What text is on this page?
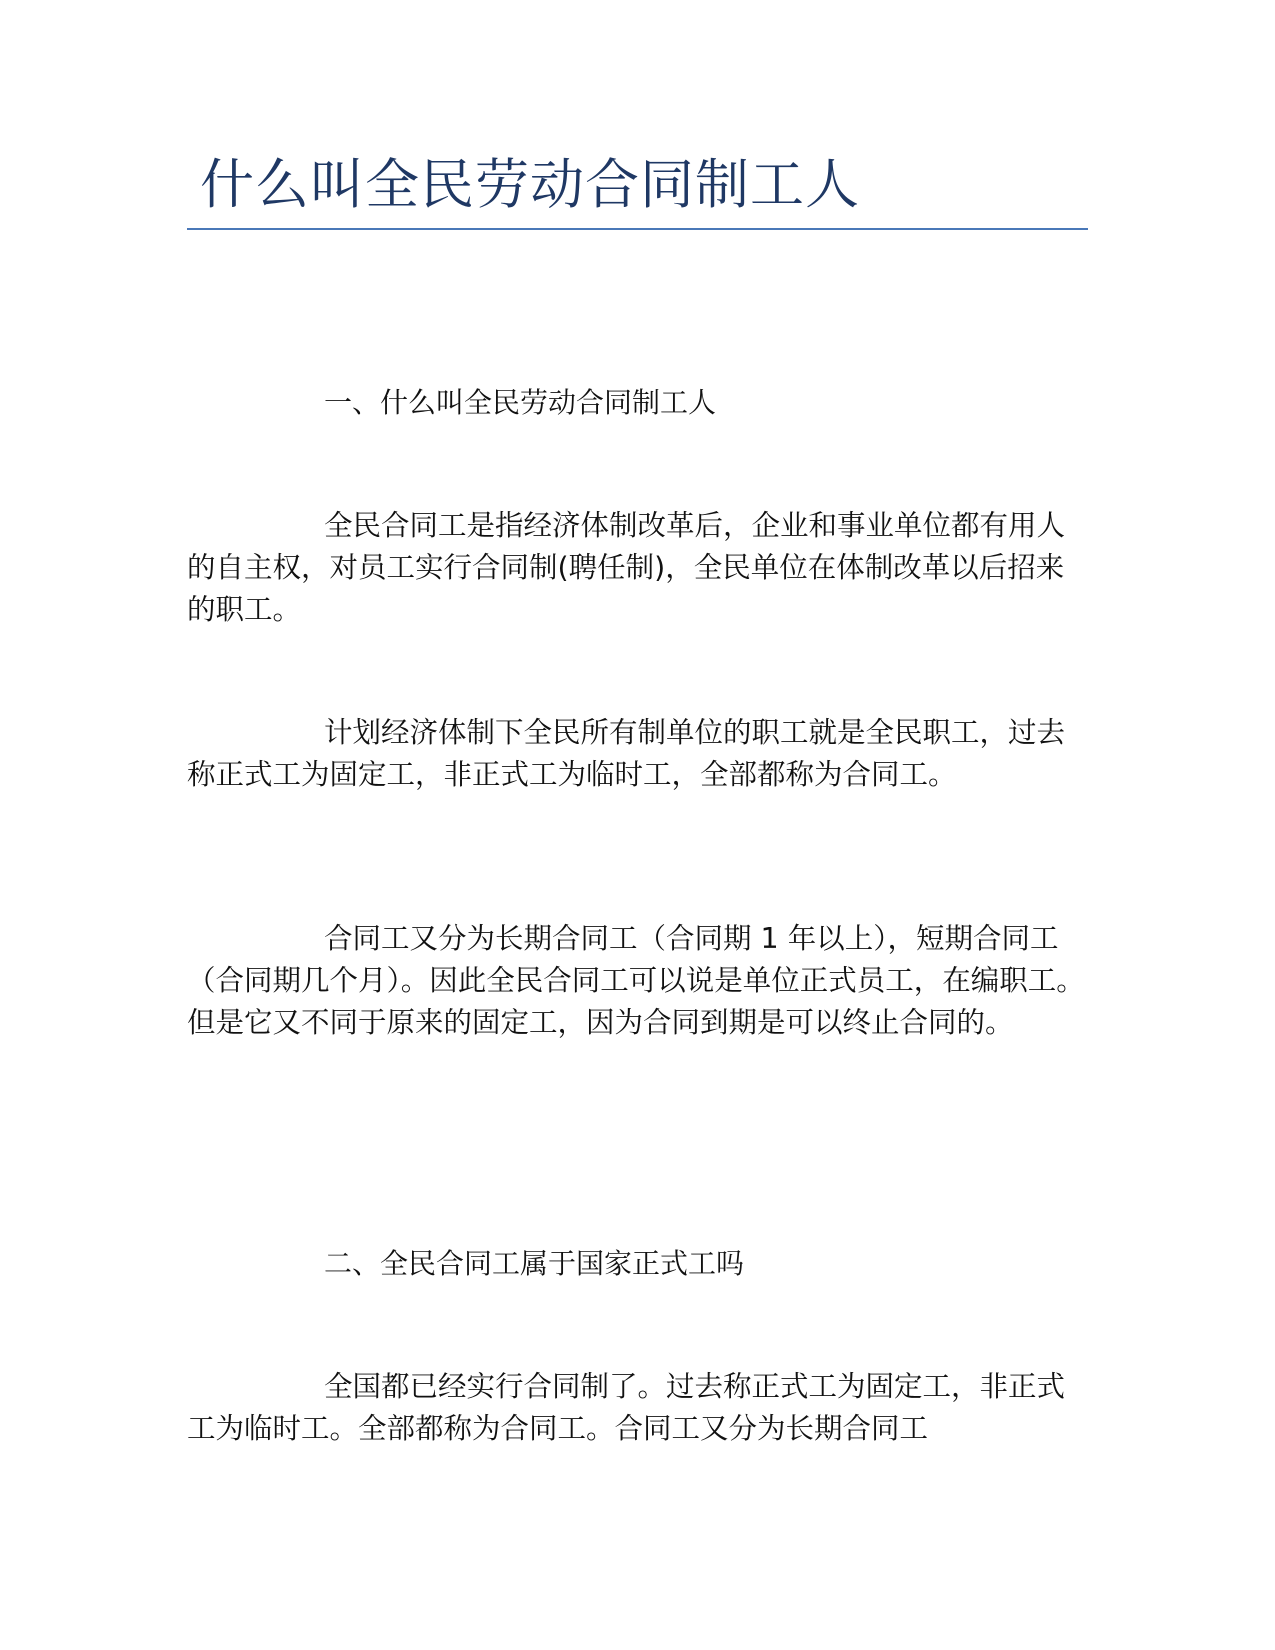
什么叫全民劳动合同制工人
一、什么叫全民劳动合同制工人

全民合同工是指经济体制改革后，企业和事业单位都有用人的自主权，对员工实行合同制(聘任制)，全民单位在体制改革以后招来的职工。

计划经济体制下全民所有制单位的职工就是全民职工，过去称正式工为固定工，非正式工为临时工，全部都称为合同工。

合同工又分为长期合同工（合同期 1 年以上），短期合同工（合同期几个月）。因此全民合同工可以说是单位正式员工，在编职工。但是它又不同于原来的固定工，因为合同到期是可以终止合同的。

二、全民合同工属于国家正式工吗

全国都已经实行合同制了。过去称正式工为固定工，非正式工为临时工。全部都称为合同工。合同工又分为长期合同工
